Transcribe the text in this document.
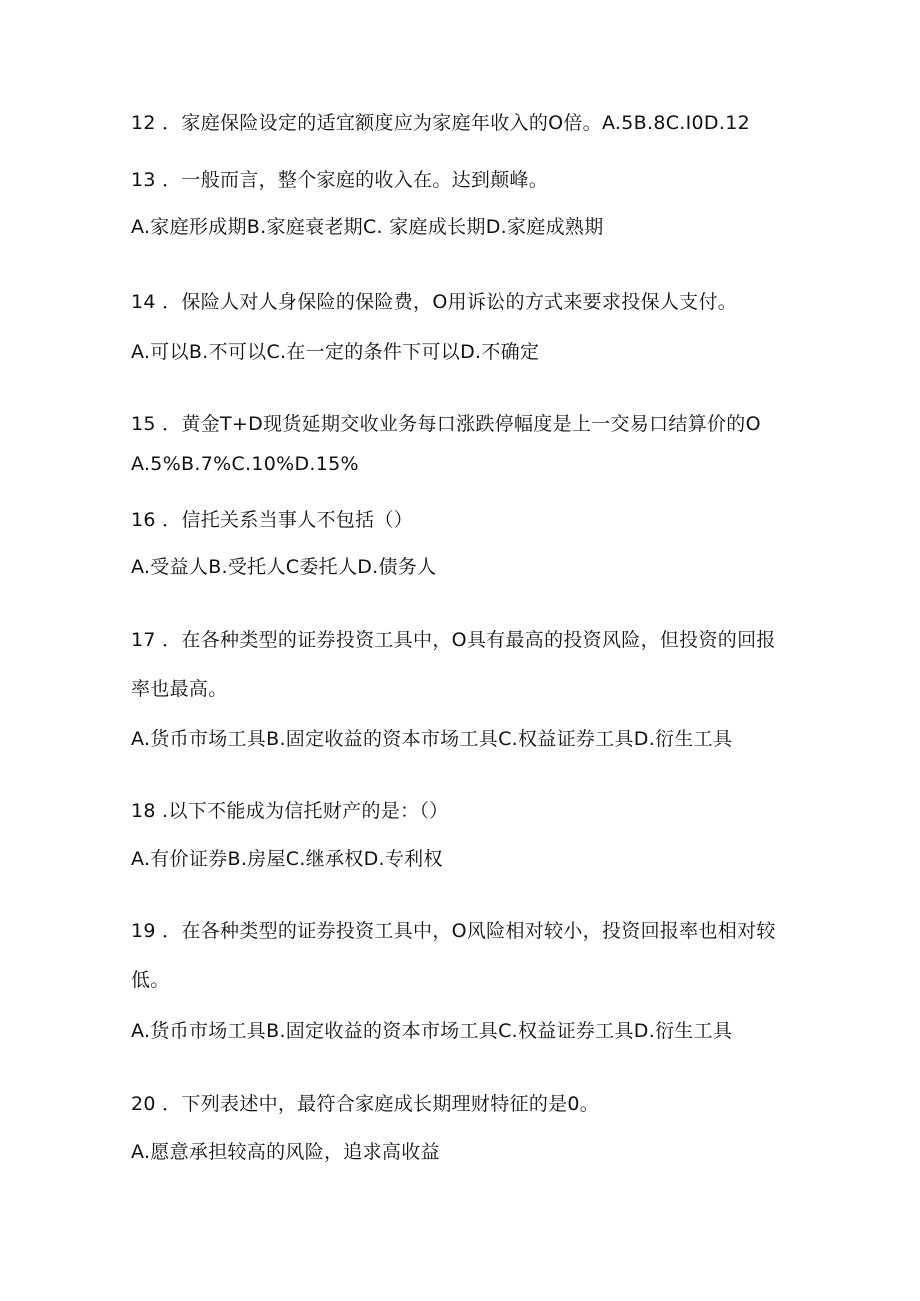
12 ．家庭保险设定的适宜额度应为家庭年收入的O倍。A.5B.8C.I0D.12
13 ．一般而言，整个家庭的收入在。达到颠峰。
A.家庭形成期B.家庭衰老期C. 家庭成长期D.家庭成熟期
14 ．保险人对人身保险的保险费，O用诉讼的方式来要求投保人支付。
A.可以B.不可以C.在一定的条件下可以D.不确定
15 ．黄金T+D现货延期交收业务每口涨跌停幅度是上一交易口结算价的O
A.5%B.7%C.10%D.15%
16 ．信托关系当事人不包括（）
A.受益人B.受托人C委托人D.债务人
17 ．在各种类型的证券投资工具中，O具有最高的投资风险，但投资的回报
率也最高。
A.货币市场工具B.固定收益的资本市场工具C.权益证券工具D.衍生工具
18 .以下不能成为信托财产的是：（）
A.有价证券B.房屋C.继承权D.专利权
19 ．在各种类型的证券投资工具中，O风险相对较小，投资回报率也相对较
低。
A.货币市场工具B.固定收益的资本市场工具C.权益证券工具D.衍生工具
20 ．下列表述中，最符合家庭成长期理财特征的是0。
A.愿意承担较高的风险，追求高收益
